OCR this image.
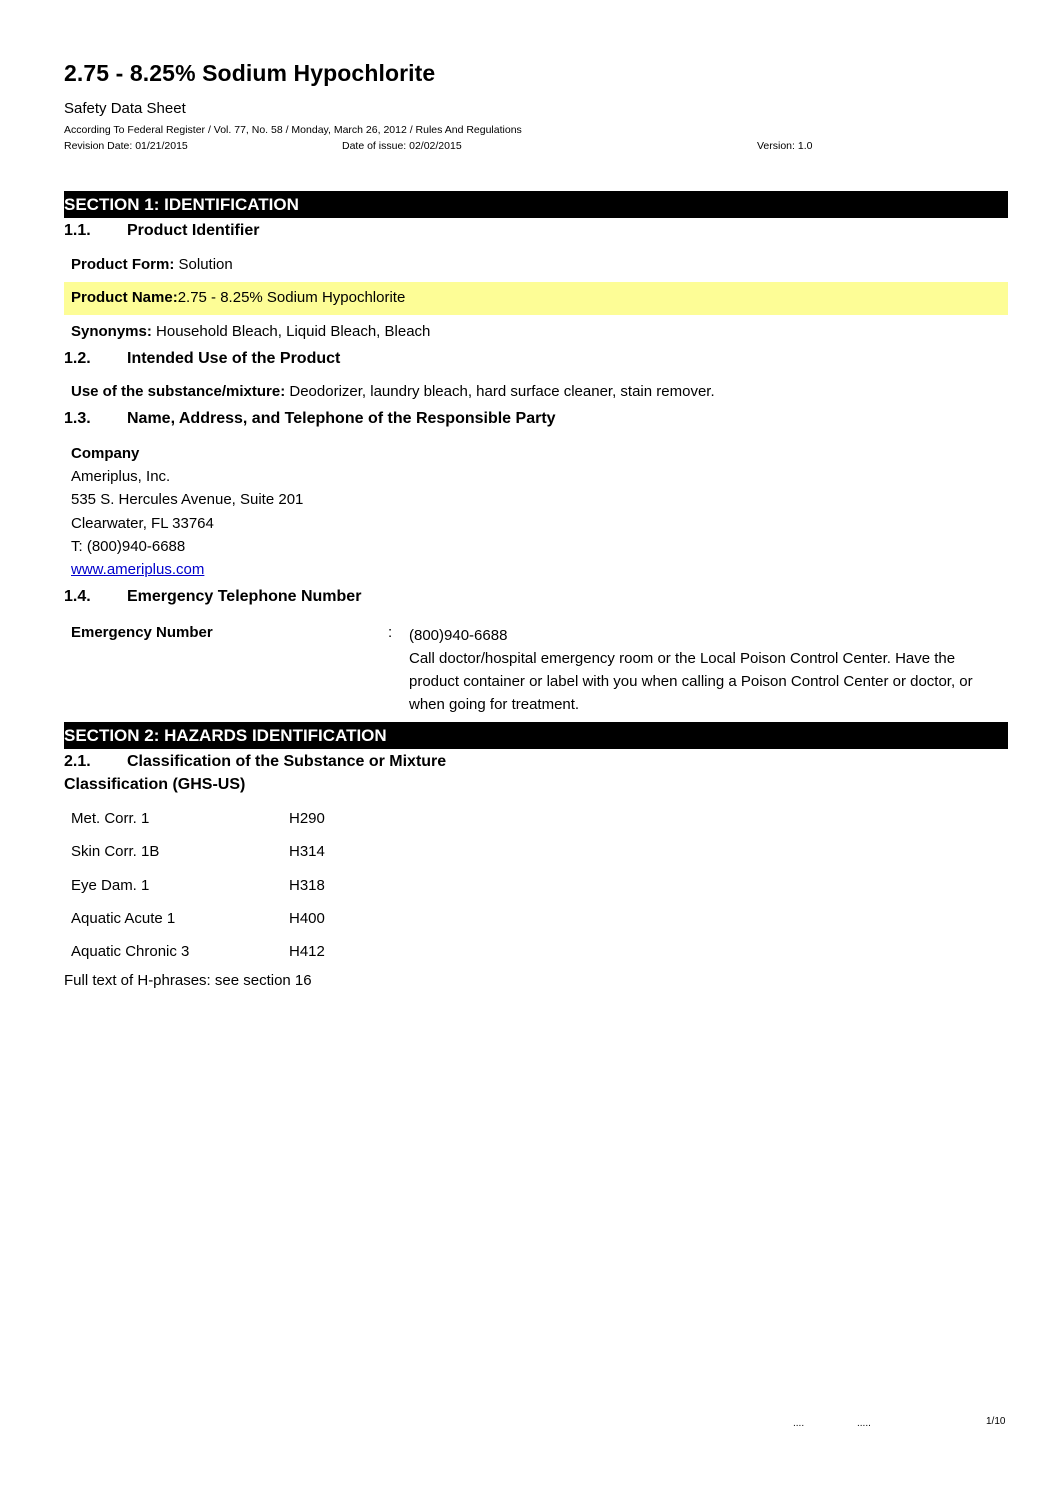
2.75 - 8.25% Sodium Hypochlorite
Safety Data Sheet
According To Federal Register / Vol. 77, No. 58 / Monday, March 26, 2012 / Rules And Regulations
Revision Date: 01/21/2015	Date of issue: 02/02/2015	Version: 1.0
SECTION 1: IDENTIFICATION
1.1. Product Identifier
Product Form: Solution
Product Name:2.75 - 8.25% Sodium Hypochlorite
Synonyms: Household Bleach, Liquid Bleach, Bleach
1.2. Intended Use of the Product
Use of the substance/mixture: Deodorizer, laundry bleach, hard surface cleaner, stain remover.
1.3. Name, Address, and Telephone of the Responsible Party
Company
Ameriplus, Inc.
535 S. Hercules Avenue, Suite 201
Clearwater, FL 33764
T: (800)940-6688
www.ameriplus.com
1.4. Emergency Telephone Number
Emergency Number	: (800)940-6688
Call doctor/hospital emergency room or the Local Poison Control Center. Have the product container or label with you when calling a Poison Control Center or doctor, or when going for treatment.
SECTION 2: HAZARDS IDENTIFICATION
2.1. Classification of the Substance or Mixture
Classification (GHS-US)
Met. Corr. 1	H290
Skin Corr. 1B	H314
Eye Dam. 1	H318
Aquatic Acute 1	H400
Aquatic Chronic 3	H412
Full text of H-phrases: see section 16
....	.....	1/10
